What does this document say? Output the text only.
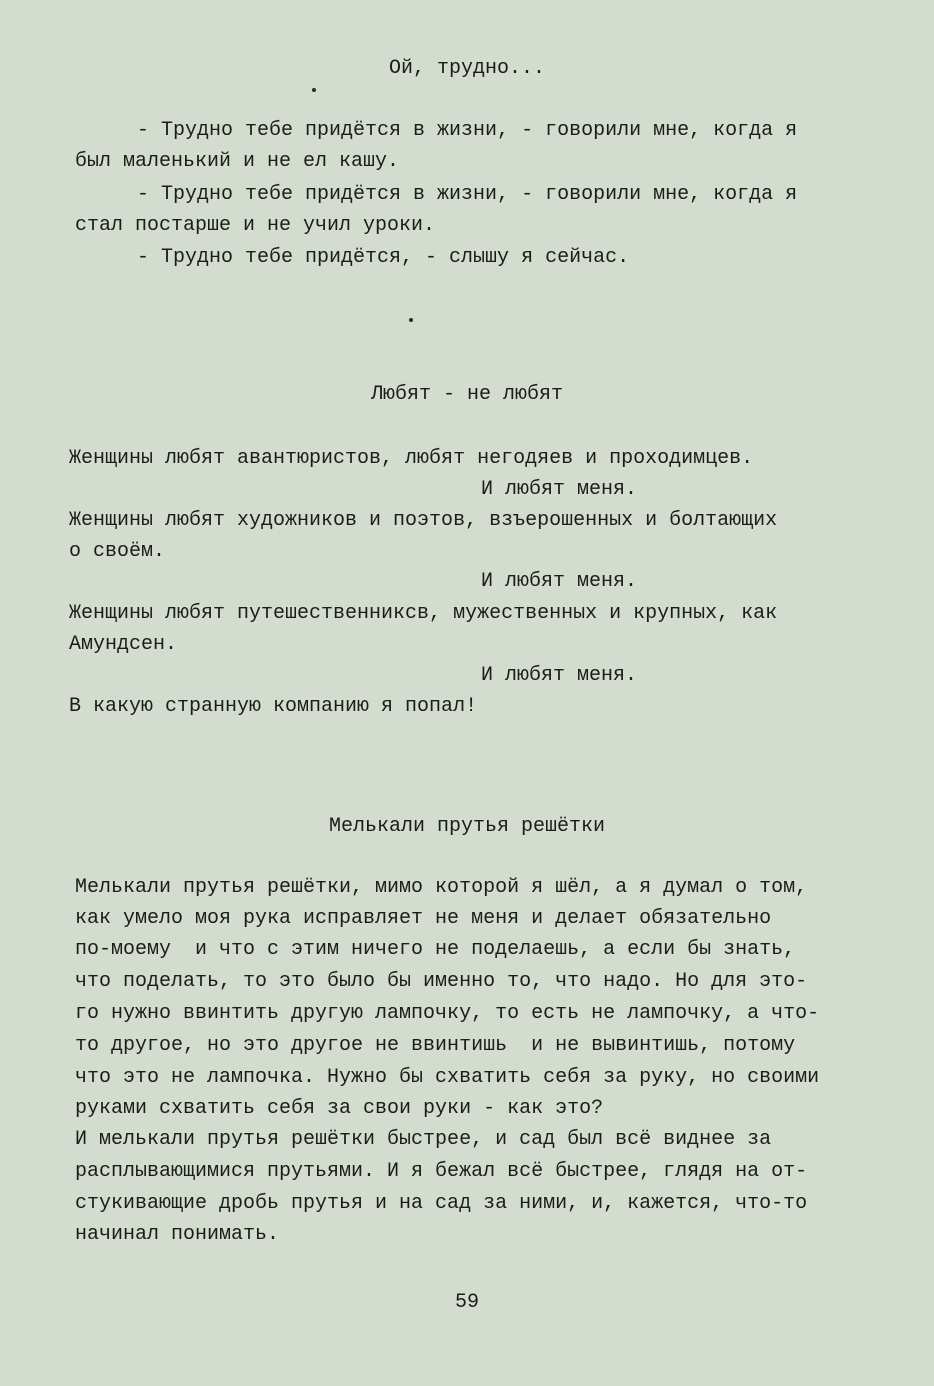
Ой, трудно...
- Трудно тебе придётся в жизни, - говорили мне, когда я
был маленький и не ел кашу.
- Трудно тебе придётся в жизни, - говорили мне, когда я
стал постарше и не учил уроки.
- Трудно тебе придётся, - слышу я сейчас.
Любят - не любят
Женщины любят авантюристов, любят негодяев и проходимцев.
И любят меня.
Женщины любят художников и поэтов, взъерошенных и болтающих
о своём.
И любят меня.
Женщины любят путешественникcв, мужественных и крупных, как
Амундсен.
И любят меня.
В какую странную компанию я попал!
Мелькали прутья решётки
Мелькали прутья решётки, мимо которой я шёл, а я думал о том,
как умело моя рука исправляет не меня и делает обязательно
по-моему  и что с этим ничего не поделаешь, а если бы знать,
что поделать, то это было бы именно то, что надо. Но для это-
го нужно ввинтить другую лампочку, то есть не лампочку, а что-
то другое, но это другое не ввинтишь  и не вывинтишь, потому
что это не лампочка. Нужно бы схватить себя за руку, но своими
руками схватить себя за свои руки - как это?
И мелькали прутья решётки быстрее, и сад был всё виднее за
расплывающимися прутьями. И я бежал всё быстрее, глядя на от-
стукивающие дробь прутья и на сад за ними, и, кажется, что-то
начинал понимать.
59
